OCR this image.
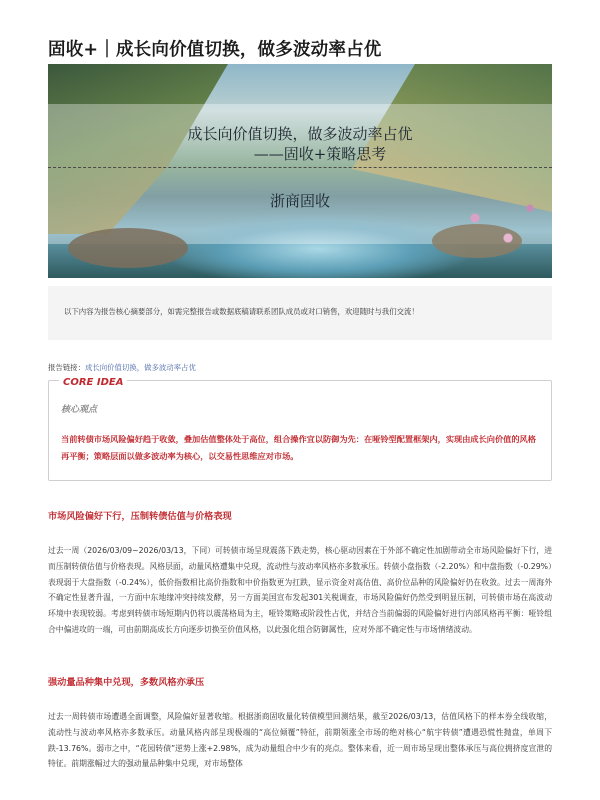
固收+｜成长向价值切换，做多波动率占优
成长向价值切换，做多波动率占优
——固收+策略思考
浙商固收
以下内容为报告核心摘要部分，如需完整报告或数据底稿请联系团队成员或对口销售，欢迎随时与我们交流！
报告链接：成长向价值切换，做多波动率占优
CORE IDEA
核心观点
当前转债市场风险偏好趋于收敛，叠加估值整体处于高位，组合操作宜以防御为先：在哑铃型配置框架内，实现由成长向价值的风格再平衡；策略层面以做多波动率为核心，以交易性思维应对市场。
市场风险偏好下行，压制转债估值与价格表现
过去一周（2026/03/09~2026/03/13，下同）可转债市场呈现震荡下跌走势，核心驱动因素在于外部不确定性加剧带动全市场风险偏好下行，进而压制转债估值与价格表现。风格层面，动量风格遭集中兑现，流动性与波动率风格亦多数承压。转债小盘指数（-2.20%）和中盘指数（-0.29%）表现弱于大盘指数（-0.24%），低价指数相比高价指数和中价指数更为扛跌，显示资金对高估值、高价位品种的风险偏好仍在收敛。过去一周海外不确定性显著升温，一方面中东地缘冲突持续发酵，另一方面美国宣布发起301关税调查，市场风险偏好仍然受到明显压制，可转债市场在高波动环境中表现较弱。考虑到转债市场短期内仍将以震荡格局为主，哑铃策略或阶段性占优，并结合当前偏弱的风险偏好进行内部风格再平衡：哑铃组合中偏进攻的一端，可由前期高成长方向逐步切换至价值风格，以此强化组合防御属性，应对外部不确定性与市场情绪波动。
强动量品种集中兑现，多数风格亦承压
过去一周转债市场遭遇全面调整，风险偏好显著收缩。根据浙商固收量化转债模型回测结果，截至2026/03/13，估值风格下的样本券全线收缩，流动性与波动率风格亦多数承压。动量风格内部呈现极端的“高位倾覆”特征，前期领涨全市场的绝对核心“航宇转债”遭遇恐慌性抛盘，单周下跌-13.76%。弱市之中，“花园转债”逆势上涨+2.98%，成为动量组合中少有的亮点。整体来看，近一周市场呈现出整体承压与高位拥挤度宣泄的特征。前期涨幅过大的强动量品种集中兑现，对市场整体
